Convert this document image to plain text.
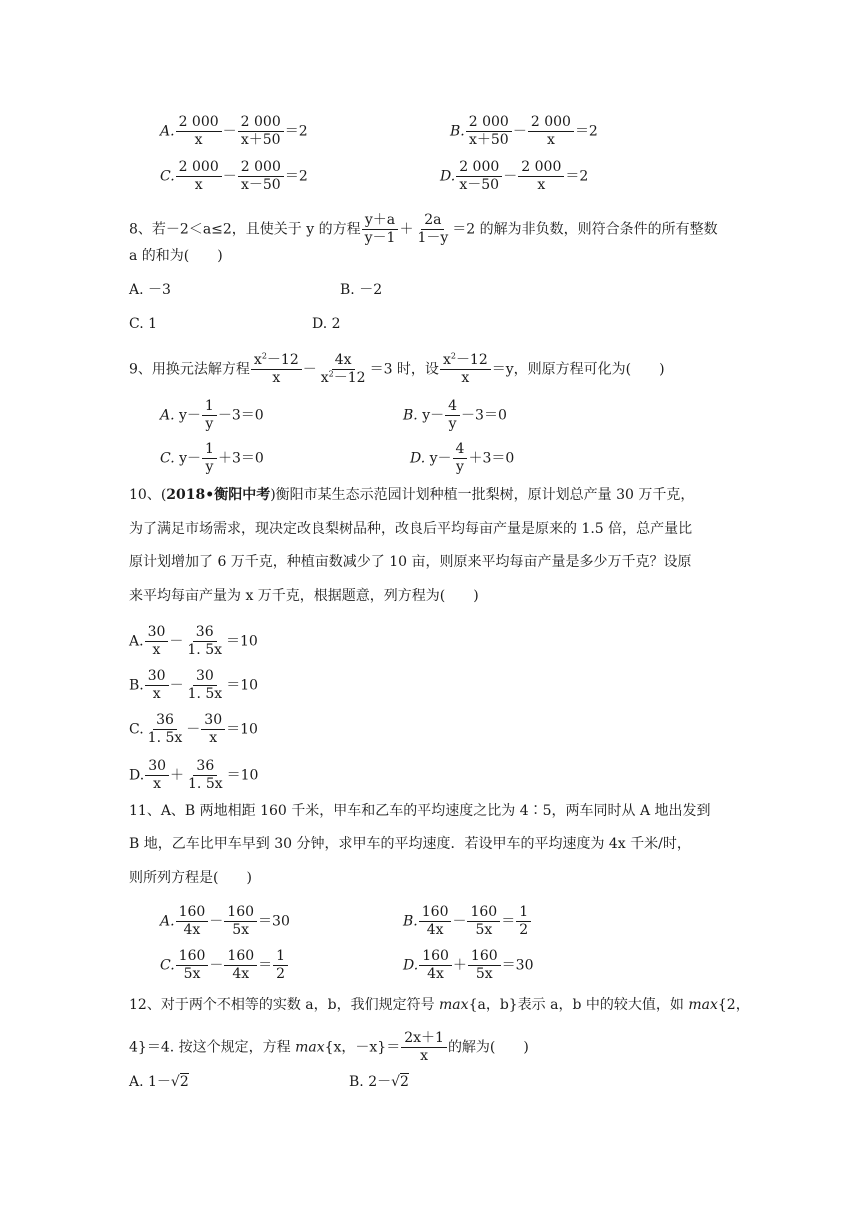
A. $\frac{2 000}{x} - \frac{2 000}{x+50} =2$	B. $\frac{2 000}{x+50} - \frac{2 000}{x} =2$
C. $\frac{2 000}{x} - \frac{2 000}{x-50} =2$	D. $\frac{2 000}{x-50} - \frac{2 000}{x} =2$
8、若－2＜a≤2，且使关于 y 的方程 $\frac{y+a}{y-1} + \frac{2a}{1-y} =2$ 的解为非负数，则符合条件的所有整数
a 的和为(　　)
A. －3	B. －2
C. 1	D. 2
9、用换元法解方程 $\frac{x^2-12}{x} - \frac{4x}{x^2-12} =3$ 时，设 $\frac{x^2-12}{x} =y$，则原方程可化为(　　)
A. $y- \frac{1}{y} -3=0$	B. $y- \frac{4}{y} -3=0$
C. $y- \frac{1}{y} +3=0$	D. $y- \frac{4}{y} +3=0$
10、(2018•衡阳中考)衡阳市某生态示范园计划种植一批梨树，原计划总产量 30 万千克，
为了满足市场需求，现决定改良梨树品种，改良后平均每亩产量是原来的 1.5 倍，总产量比
原计划增加了 6 万千克，种植亩数减少了 10 亩，则原来平均每亩产量是多少万千克？设原
来平均每亩产量为 x 万千克，根据题意，列方程为(　　)
A. $\frac{30}{x} - \frac{36}{1. 5x} =10$
B. $\frac{30}{x} - \frac{30}{1. 5x} =10$
C. $\frac{36}{1. 5x} - \frac{30}{x} =10$
D. $\frac{30}{x} + \frac{36}{1. 5x} =10$
11、A、B 两地相距 160 千米，甲车和乙车的平均速度之比为 4∶5，两车同时从 A 地出发到
B 地，乙车比甲车早到 30 分钟，求甲车的平均速度．若设甲车的平均速度为 4x 千米/时，
则所列方程是(　　)
A. $\frac{160}{4x} - \frac{160}{5x} =30$	B. $\frac{160}{4x} - \frac{160}{5x} = \frac{1}{2}$
C. $\frac{160}{5x} - \frac{160}{4x} = \frac{1}{2}$	D. $\frac{160}{4x} + \frac{160}{5x} =30$
12、对于两个不相等的实数 a，b，我们规定符号 max{a，b}表示 a，b 中的较大值，如 max{2，
4}＝4. 按这个规定，方程 max{x，$-x\}= \frac{2x+1}{x}$ 的解为(　　)
A. 1－√2	B. 2－√2
